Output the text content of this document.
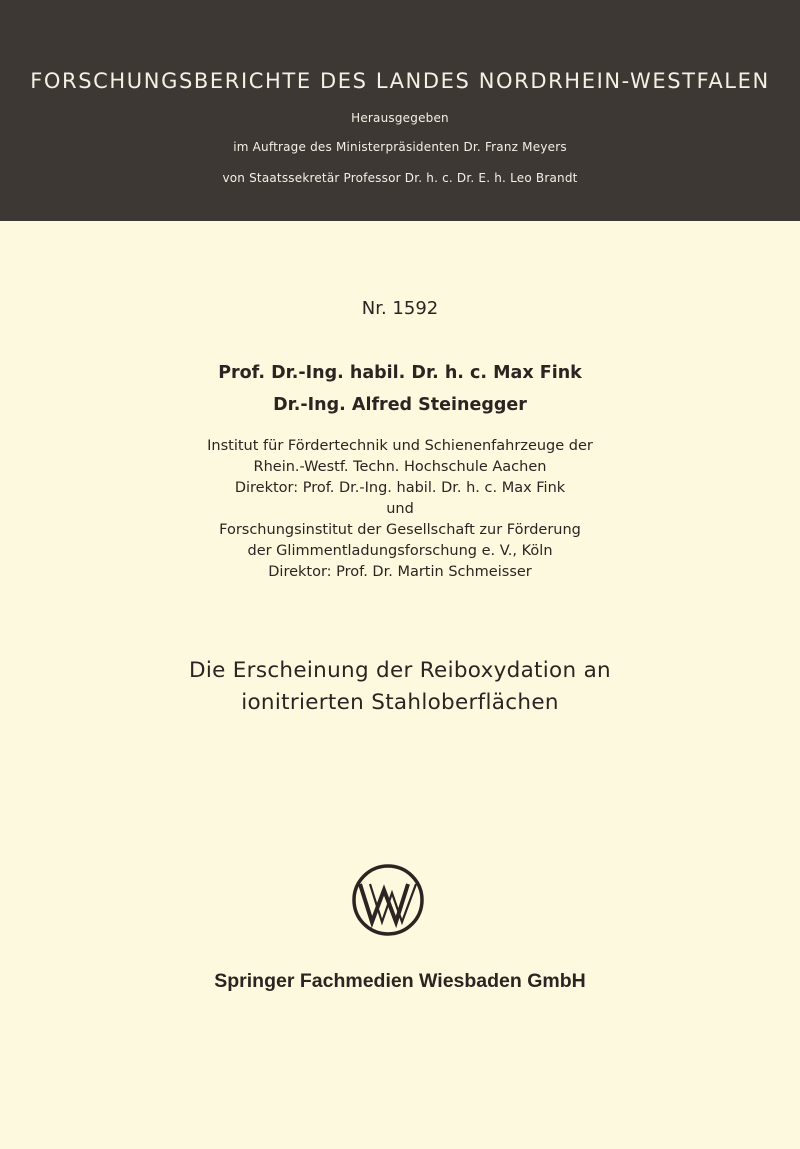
FORSCHUNGSBERICHTE DES LANDES NORDRHEIN-WESTFALEN
Herausgegeben
im Auftrage des Ministerpräsidenten Dr. Franz Meyers
von Staatssekretär Professor Dr. h. c. Dr. E. h. Leo Brandt
Nr. 1592
Prof. Dr.-Ing. habil. Dr. h. c. Max Fink
Dr.-Ing. Alfred Steinegger
Institut für Fördertechnik und Schienenfahrzeuge der
Rhein.-Westf. Techn. Hochschule Aachen
Direktor: Prof. Dr.-Ing. habil. Dr. h. c. Max Fink
und
Forschungsinstitut der Gesellschaft zur Förderung
der Glimmentladungsforschung e. V., Köln
Direktor: Prof. Dr. Martin Schmeisser
Die Erscheinung der Reiboxydation an
ionitrierten Stahloberflächen
Springer Fachmedien Wiesbaden GmbH
